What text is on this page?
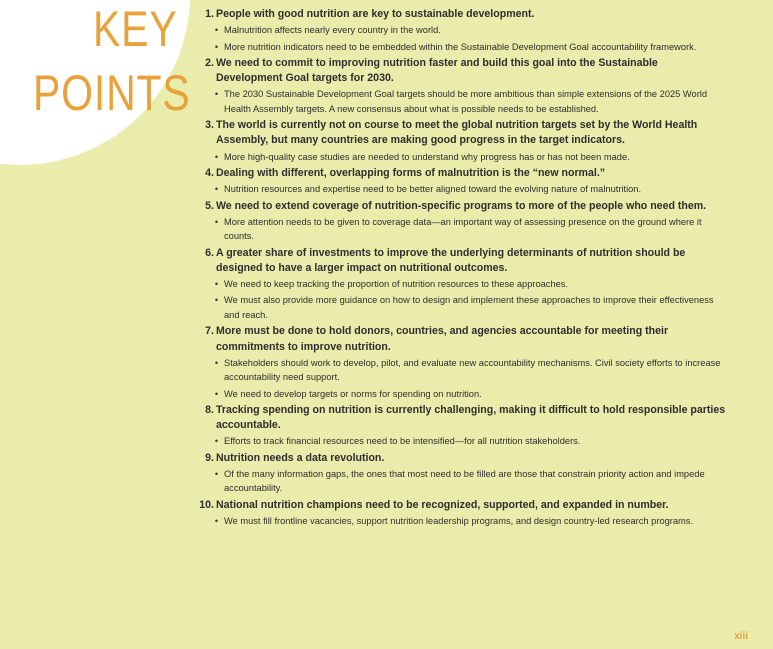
KEY
POINTS
1. People with good nutrition are key to sustainable development.
• Malnutrition affects nearly every country in the world.
• More nutrition indicators need to be embedded within the Sustainable Development Goal accountability framework.
2. We need to commit to improving nutrition faster and build this goal into the Sustainable Development Goal targets for 2030.
• The 2030 Sustainable Development Goal targets should be more ambitious than simple extensions of the 2025 World Health Assembly targets. A new consensus about what is possible needs to be established.
3. The world is currently not on course to meet the global nutrition targets set by the World Health Assembly, but many countries are making good progress in the target indicators.
• More high-quality case studies are needed to understand why progress has or has not been made.
4. Dealing with different, overlapping forms of malnutrition is the “new normal.”
• Nutrition resources and expertise need to be better aligned toward the evolving nature of malnutrition.
5. We need to extend coverage of nutrition-specific programs to more of the people who need them.
• More attention needs to be given to coverage data—an important way of assessing presence on the ground where it counts.
6. A greater share of investments to improve the underlying determinants of nutrition should be designed to have a larger impact on nutritional outcomes.
• We need to keep tracking the proportion of nutrition resources to these approaches.
• We must also provide more guidance on how to design and implement these approaches to improve their effectiveness and reach.
7. More must be done to hold donors, countries, and agencies accountable for meeting their commitments to improve nutrition.
• Stakeholders should work to develop, pilot, and evaluate new accountability mechanisms. Civil society efforts to increase accountability need support.
• We need to develop targets or norms for spending on nutrition.
8. Tracking spending on nutrition is currently challenging, making it difficult to hold responsible parties accountable.
• Efforts to track financial resources need to be intensified—for all nutrition stakeholders.
9. Nutrition needs a data revolution.
• Of the many information gaps, the ones that most need to be filled are those that constrain priority action and impede accountability.
10. National nutrition champions need to be recognized, supported, and expanded in number.
• We must fill frontline vacancies, support nutrition leadership programs, and design country-led research programs.
xiii
